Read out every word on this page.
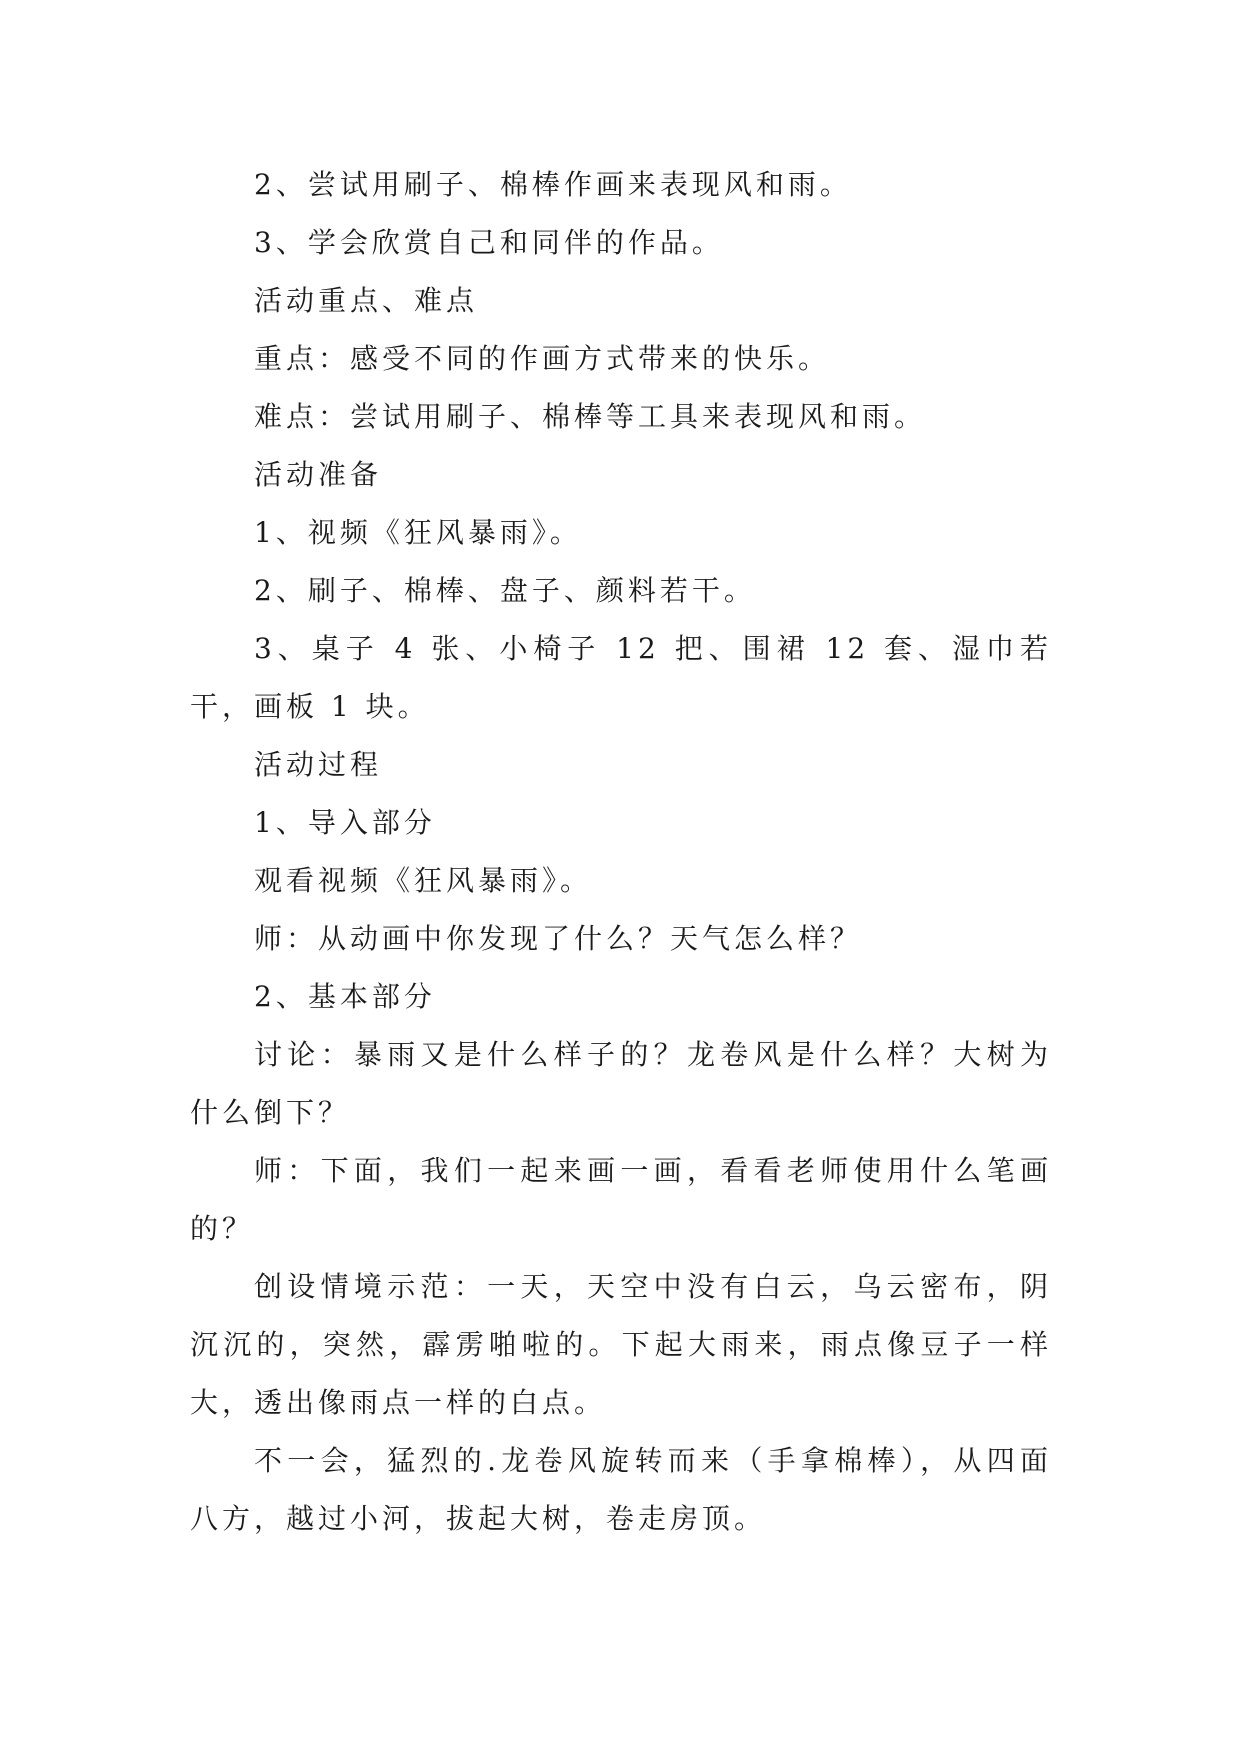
2、尝试用刷子、棉棒作画来表现风和雨。

3、学会欣赏自己和同伴的作品。

活动重点、难点

重点：感受不同的作画方式带来的快乐。

难点：尝试用刷子、棉棒等工具来表现风和雨。

活动准备

1、视频《狂风暴雨》。

2、刷子、棉棒、盘子、颜料若干。

3、桌子 4 张、小椅子 12 把、围裙 12 套、湿巾若干，画板 1 块。

活动过程

1、导入部分

观看视频《狂风暴雨》。

师：从动画中你发现了什么？天气怎么样？

2、基本部分

讨论：暴雨又是什么样子的？龙卷风是什么样？大树为什么倒下？

师：下面，我们一起来画一画，看看老师使用什么笔画的？

创设情境示范：一天，天空中没有白云，乌云密布，阴沉沉的，突然，霹雳啪啦的。下起大雨来，雨点像豆子一样大，透出像雨点一样的白点。

不一会，猛烈的.龙卷风旋转而来（手拿棉棒），从四面八方，越过小河，拔起大树，卷走房顶。
